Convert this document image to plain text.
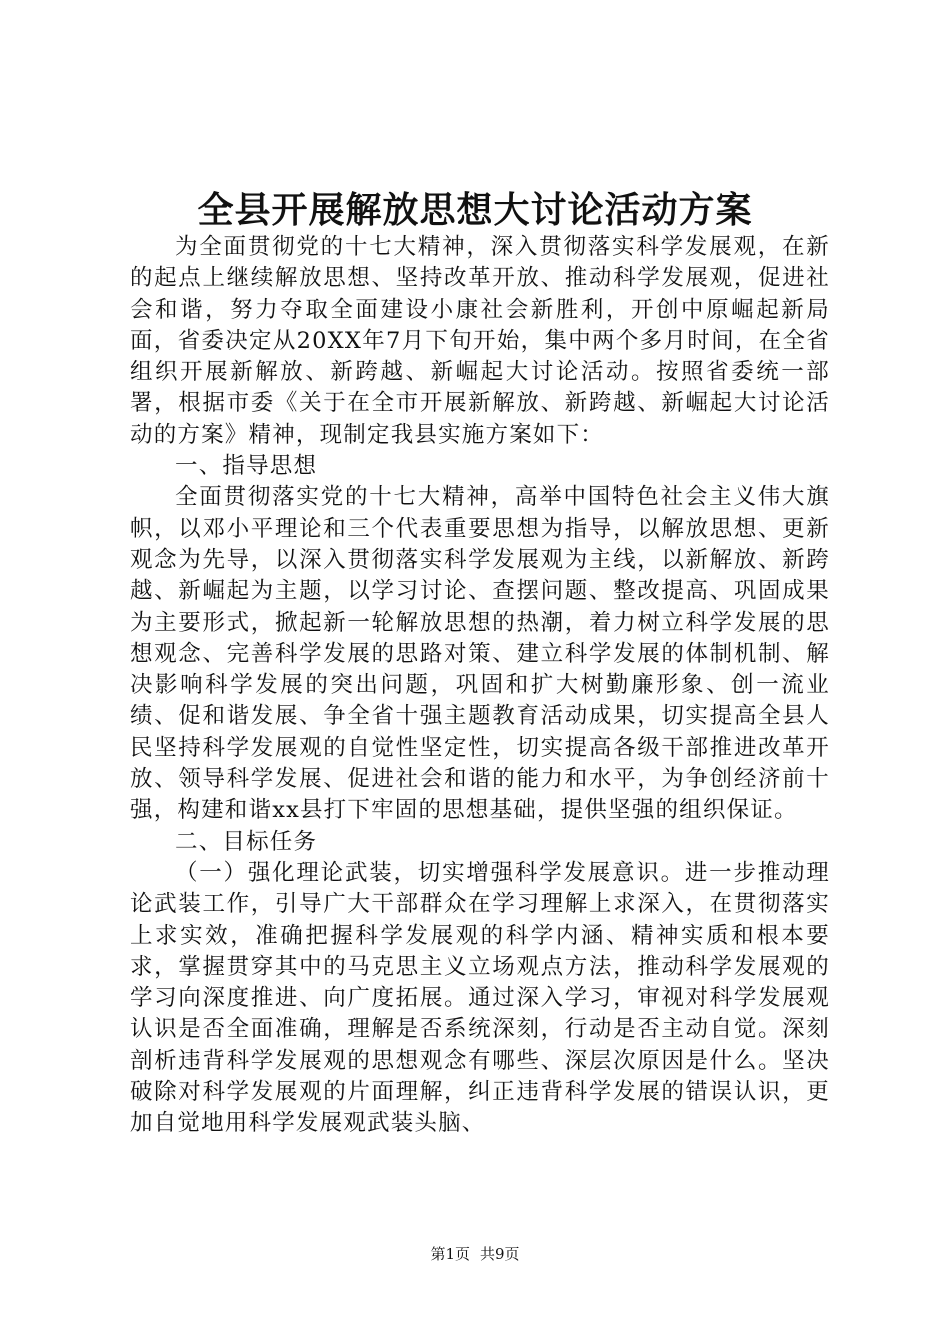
全县开展解放思想大讨论活动方案

为全面贯彻党的十七大精神，深入贯彻落实科学发展观，在新的起点上继续解放思想、坚持改革开放、推动科学发展观，促进社会和谐，努力夺取全面建设小康社会新胜利，开创中原崛起新局面，省委决定从20XX年7月下旬开始，集中两个多月时间，在全省组织开展新解放、新跨越、新崛起大讨论活动。按照省委统一部署，根据市委《关于在全市开展新解放、新跨越、新崛起大讨论活动的方案》精神，现制定我县实施方案如下：

一、指导思想

全面贯彻落实党的十七大精神，高举中国特色社会主义伟大旗帜，以邓小平理论和三个代表重要思想为指导，以解放思想、更新观念为先导，以深入贯彻落实科学发展观为主线，以新解放、新跨越、新崛起为主题，以学习讨论、查摆问题、整改提高、巩固成果为主要形式，掀起新一轮解放思想的热潮，着力树立科学发展的思想观念、完善科学发展的思路对策、建立科学发展的体制机制、解决影响科学发展的突出问题，巩固和扩大树勤廉形象、创一流业绩、促和谐发展、争全省十强主题教育活动成果，切实提高全县人民坚持科学发展观的自觉性坚定性，切实提高各级干部推进改革开放、领导科学发展、促进社会和谐的能力和水平，为争创经济前十强，构建和谐xx县打下牢固的思想基础，提供坚强的组织保证。

二、目标任务

（一）强化理论武装，切实增强科学发展意识。进一步推动理论武装工作，引导广大干部群众在学习理解上求深入，在贯彻落实上求实效，准确把握科学发展观的科学内涵、精神实质和根本要求，掌握贯穿其中的马克思主义立场观点方法，推动科学发展观的学习向深度推进、向广度拓展。通过深入学习，审视对科学发展观认识是否全面准确，理解是否系统深刻，行动是否主动自觉。深刻剖析违背科学发展观的思想观念有哪些、深层次原因是什么。坚决破除对科学发展观的片面理解，纠正违背科学发展的错误认识，更加自觉地用科学发展观武装头脑、

第1页 共9页
